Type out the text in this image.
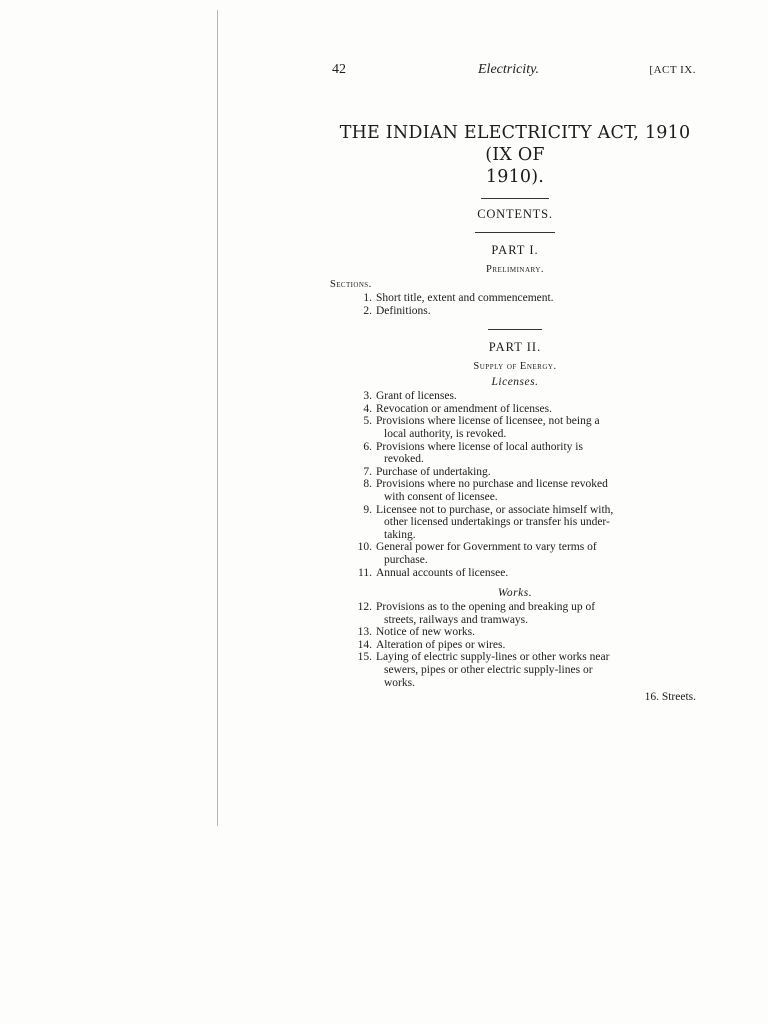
42	Electricity.	[ACT IX.
THE INDIAN ELECTRICITY ACT, 1910 (IX OF
1910).
CONTENTS.
PART I.
Preliminary.
Sections.
1. Short title, extent and commencement.
2. Definitions.
PART II.
Supply of Energy.
Licenses.
3. Grant of licenses.
4. Revocation or amendment of licenses.
5. Provisions where license of licensee, not being a
local authority, is revoked.
6. Provisions where license of local authority is
revoked.
7. Purchase of undertaking.
8. Provisions where no purchase and license revoked
with consent of licensee.
9. Licensee not to purchase, or associate himself with,
other licensed undertakings or transfer his under-
taking.
10. General power for Government to vary terms of
purchase.
11. Annual accounts of licensee.
Works.
12. Provisions as to the opening and breaking up of
streets, railways and tramways.
13. Notice of new works.
14. Alteration of pipes or wires.
15. Laying of electric supply-lines or other works near
sewers, pipes or other electric supply-lines or
works.
16. Streets.
